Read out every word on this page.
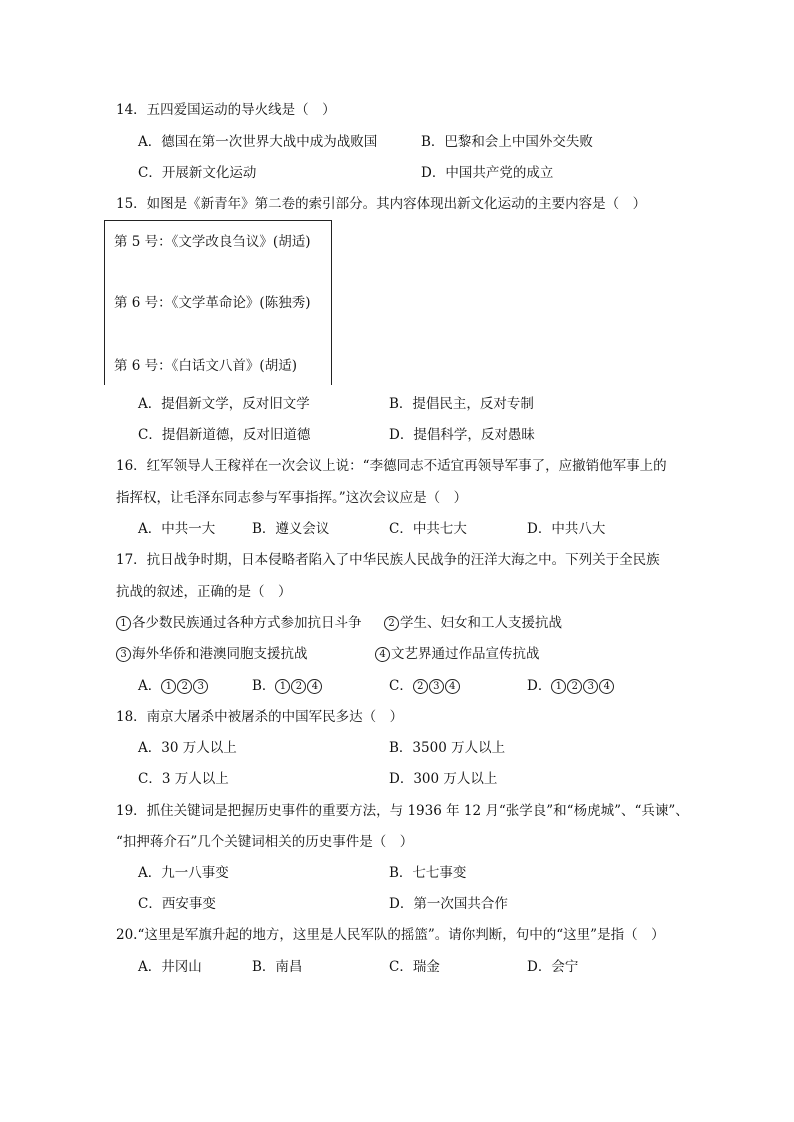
14．五四爱国运动的导火线是（　）
A．德国在第一次世界大战中成为战败国	B．巴黎和会上中国外交失败
C．开展新文化运动	D．中国共产党的成立
15．如图是《新青年》第二卷的索引部分。其内容体现出新文化运动的主要内容是（　）
第 5 号：《文学改良刍议》(胡适)
第 6 号：《文学革命论》(陈独秀)
第 6 号：《白话文八首》(胡适)
A．提倡新文学，反对旧文学	B．提倡民主，反对专制
C．提倡新道德，反对旧道德	D．提倡科学，反对愚昧
16．红军领导人王稼祥在一次会议上说：“李德同志不适宜再领导军事了，应撤销他军事上的
指挥权，让毛泽东同志参与军事指挥。”这次会议应是（　）
A．中共一大	B．遵义会议	C．中共七大	D．中共八大
17．抗日战争时期，日本侵略者陷入了中华民族人民战争的汪洋大海之中。下列关于全民族
抗战的叙述，正确的是（　）
1 各少数民族通过各种方式参加抗日斗争	2 学生、妇女和工人支援抗战
3 海外华侨和港澳同胞支援抗战	4 文艺界通过作品宣传抗战
A． 1 2 3	B． 1 2 4	C． 2 3 4	D． 1 2 3 4
18．南京大屠杀中被屠杀的中国军民多达（　）
A．30 万人以上	B．3500 万人以上
C．3 万人以上	D．300 万人以上
19．抓住关键词是把握历史事件的重要方法，与 1936 年 12 月“张学良”和“杨虎城”、“兵谏”、
“扣押蒋介石”几个关键词相关的历史事件是（　）
A．九一八事变	B．七七事变
C．西安事变	D．第一次国共合作
20.“这里是军旗升起的地方，这里是人民军队的摇篮”。请你判断，句中的“这里”是指（　）
A．井冈山	B．南昌	C．瑞金	D．会宁
